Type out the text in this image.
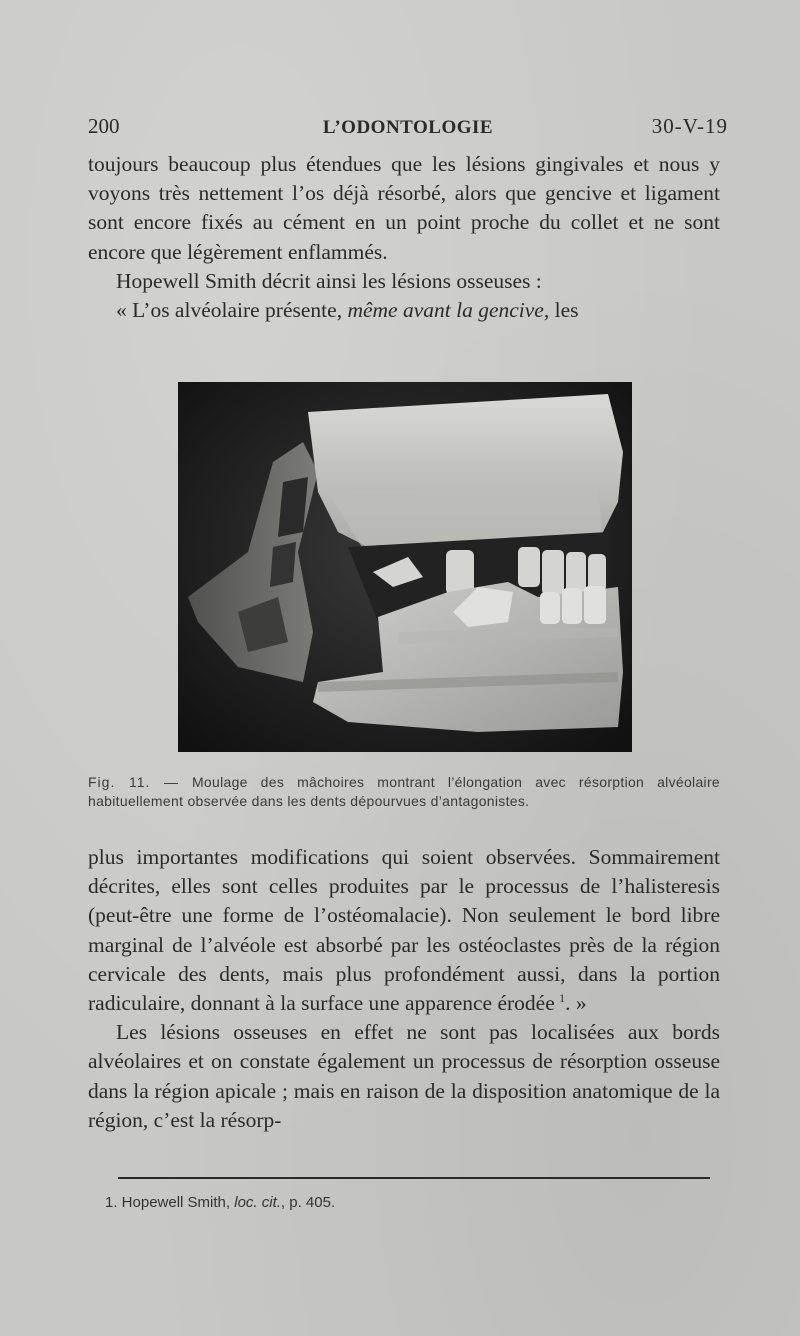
200	L’ODONTOLOGIE	30-V-19

toujours beaucoup plus étendues que les lésions gingivales et nous y voyons très nettement l’os déjà résorbé, alors que gencive et ligament sont encore fixés au cément en un point proche du collet et ne sont encore que légèrement enflammés.

Hopewell Smith décrit ainsi les lésions osseuses :

« L’os alvéolaire présente, même avant la gencive, les

Fig. 11. — Moulage des mâchoires montrant l’élongation avec résorption alvéolaire habituellement observée dans les dents dépourvues d’antagonistes.

plus importantes modifications qui soient observées. Sommairement décrites, elles sont celles produites par le processus de l’halisteresis (peut-être une forme de l’ostéomalacie). Non seulement le bord libre marginal de l’alvéole est absorbé par les ostéoclastes près de la région cervicale des dents, mais plus profondément aussi, dans la portion radiculaire, donnant à la surface une apparence érodée  $^1$. »

Les lésions osseuses en effet ne sont pas localisées aux bords alvéolaires et on constate également un processus de résorption osseuse dans la région apicale ; mais en raison de la disposition anatomique de la région, c’est la résorp-

1. Hopewell Smith, loc. cit., p. 405.
